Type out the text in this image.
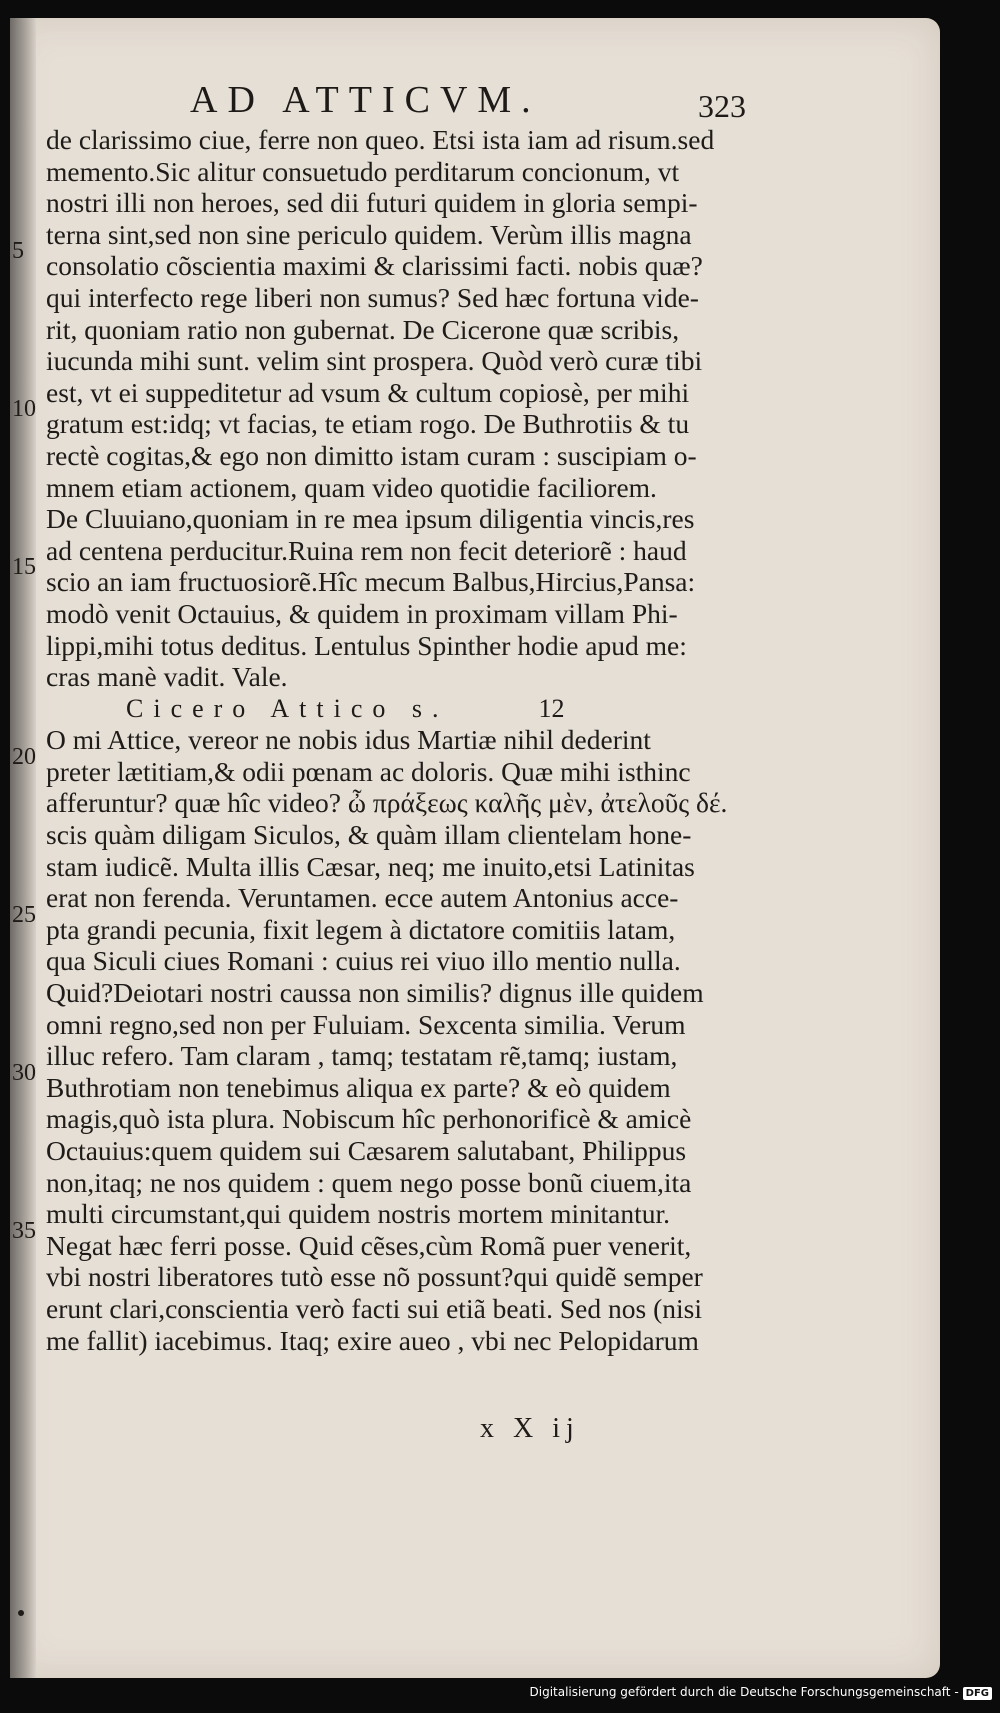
AD ATTICVM.	323
5
10
15
20
25
30
35
de clarissimo ciue, ferre non queo. Etsi ista iam ad risum.sed
memento.Sic alitur consuetudo perditarum concionum, vt
nostri illi non heroes, sed dii futuri quidem in gloria sempi-
terna sint,sed non sine periculo quidem. Verùm illis magna
consolatio cõscientia maximi & clarissimi facti. nobis quæ?
qui interfecto rege liberi non sumus? Sed hæc fortuna vide-
rit, quoniam ratio non gubernat. De Cicerone quæ scribis,
iucunda mihi sunt. velim sint prospera. Quòd verò curæ tibi
est, vt ei suppeditetur ad vsum & cultum copiosè, per mihi
gratum est:idq; vt facias, te etiam rogo. De Buthrotiis & tu
rectè cogitas,& ego non dimitto istam curam : suscipiam o-
mnem etiam actionem, quam video quotidie faciliorem.
De Cluuiano,quoniam in re mea ipsum diligentia vincis,res
ad centena perducitur.Ruina rem non fecit deteriorẽ : haud
scio an iam fructuosiorẽ.Hîc mecum Balbus,Hircius,Pansa:
modò venit Octauius, & quidem in proximam villam Phi-
lippi,mihi totus deditus. Lentulus Spinther hodie apud me:
cras manè vadit. Vale.
Cicero Attico s.	12
O mi Attice, vereor ne nobis idus Martiæ nihil dederint
preter lætitiam,& odii pœnam ac doloris. Quæ mihi isthinc
afferuntur? quæ hîc video? ὦ πράξεως καλῆς μὲν, ἀτελοῦς δέ.
scis quàm diligam Siculos, & quàm illam clientelam hone-
stam iudicẽ. Multa illis Cæsar, neq; me inuito,etsi Latinitas
erat non ferenda. Veruntamen. ecce autem Antonius acce-
pta grandi pecunia, fixit legem à dictatore comitiis latam,
qua Siculi ciues Romani : cuius rei viuo illo mentio nulla.
Quid?Deiotari nostri caussa non similis? dignus ille quidem
omni regno,sed non per Fuluiam. Sexcenta similia. Verum
illuc refero. Tam claram , tamq; testatam rẽ,tamq; iustam,
Buthrotiam non tenebimus aliqua ex parte? & eò quidem
magis,quò ista plura. Nobiscum hîc perhonorificè & amicè
Octauius:quem quidem sui Cæsarem salutabant, Philippus
non,itaq; ne nos quidem : quem nego posse bonũ ciuem,ita
multi circumstant,qui quidem nostris mortem minitantur.
Negat hæc ferri posse. Quid cẽses,cùm Romã puer venerit,
vbi nostri liberatores tutò esse nõ possunt?qui quidẽ semper
erunt clari,conscientia verò facti sui etiã beati. Sed nos (nisi
me fallit) iacebimus. Itaq; exire aueo , vbi nec Pelopidarum
x X ij
Digitalisierung gefördert durch die Deutsche Forschungsgemeinschaft - DFG
